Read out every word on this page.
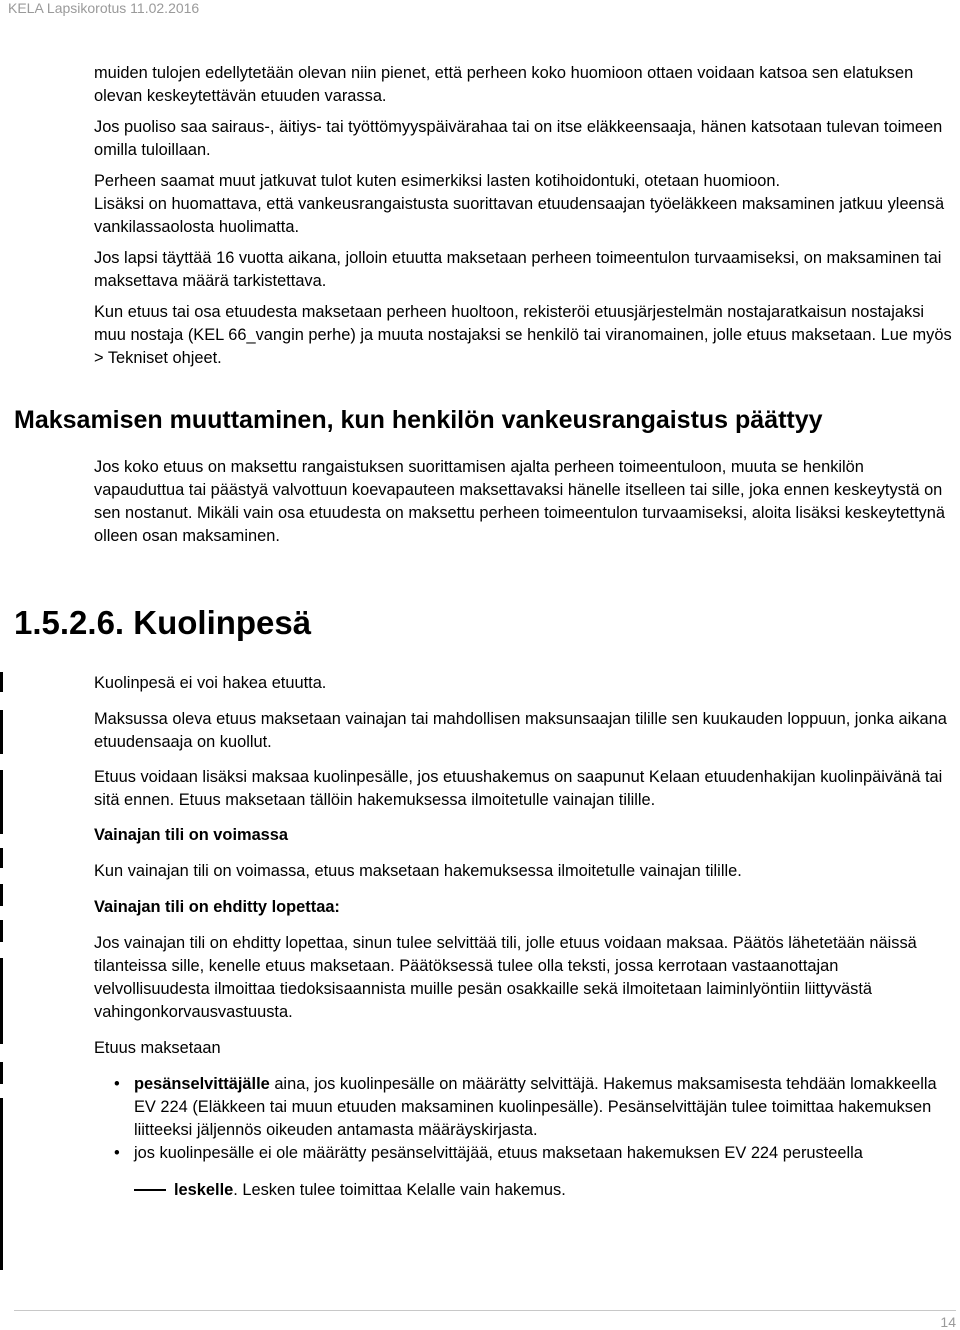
KELA Lapsikorotus 11.02.2016

muiden tulojen edellytetään olevan niin pienet, että perheen koko huomioon ottaen voidaan katsoa sen elatuksen olevan keskeytettävän etuuden varassa.

Jos puoliso saa sairaus-, äitiys- tai työttömyyspäivärahaa tai on itse eläkkeensaaja, hänen katsotaan tulevan toimeen omilla tuloillaan.

Perheen saamat muut jatkuvat tulot kuten esimerkiksi lasten kotihoidontuki, otetaan huomioon.

Lisäksi on huomattava, että vankeusrangaistusta suorittavan etuudensaajan työeläkkeen maksaminen jatkuu yleensä vankilassaolosta huolimatta.

Jos lapsi täyttää 16 vuotta aikana, jolloin etuutta maksetaan perheen toimeentulon turvaamiseksi, on maksaminen tai maksettava määrä tarkistettava.

Kun etuus tai osa etuudesta maksetaan perheen huoltoon, rekisteröi etuusjärjestelmän nostajaratkaisun nostajaksi muu nostaja (KEL 66 ̲ vangin perhe) ja muuta nostajaksi se henkilö tai viranomainen, jolle etuus maksetaan. Lue myös > Tekniset ohjeet.

Maksamisen muuttaminen, kun henkilön vankeusrangaistus päättyy

Jos koko etuus on maksettu rangaistuksen suorittamisen ajalta perheen toimeentuloon, muuta se henkilön vapauduttua tai päästyä valvottuun koevapauteen maksettavaksi hänelle itselleen tai sille, joka ennen keskeytystä on sen nostanut. Mikäli vain osa etuudesta on maksettu perheen toimeentulon turvaamiseksi, aloita lisäksi keskeytettynä olleen osan maksaminen.

1.5.2.6. Kuolinpesä

Kuolinpesä ei voi hakea etuutta.

Maksussa oleva etuus maksetaan vainajan tai mahdollisen maksunsaajan tilille sen kuukauden loppuun, jonka aikana etuudensaaja on kuollut.

Etuus voidaan lisäksi maksaa kuolinpesälle, jos etuushakemus on saapunut Kelaan etuudenhakijan kuolinpäivänä tai sitä ennen. Etuus maksetaan tällöin hakemuksessa ilmoitetulle vainajan tilille.

Vainajan tili on voimassa

Kun vainajan tili on voimassa, etuus maksetaan hakemuksessa ilmoitetulle vainajan tilille.

Vainajan tili on ehditty lopettaa:

Jos vainajan tili on ehditty lopettaa, sinun tulee selvittää tili, jolle etuus voidaan maksaa. Päätös lähetetään näissä tilanteissa sille, kenelle etuus maksetaan. Päätöksessä tulee olla teksti, jossa kerrotaan vastaanottajan velvollisuudesta ilmoittaa tiedoksisaannista muille pesän osakkaille sekä ilmoitetaan laiminlyöntiin liittyvästä vahingonkorvausvastuusta.

Etuus maksetaan

• pesänselvittäjälle aina, jos kuolinpesälle on määrätty selvittäjä. Hakemus maksamisesta tehdään lomakkeella EV 224 (Eläkkeen tai muun etuuden maksaminen kuolinpesälle). Pesänselvittäjän tulee toimittaa hakemuksen liitteeksi jäljennös oikeuden antamasta määräyskirjasta.
• jos kuolinpesälle ei ole määrätty pesänselvittäjää, etuus maksetaan hakemuksen EV 224 perusteella
leskelle. Lesken tulee toimittaa Kelalle vain hakemus.
14
